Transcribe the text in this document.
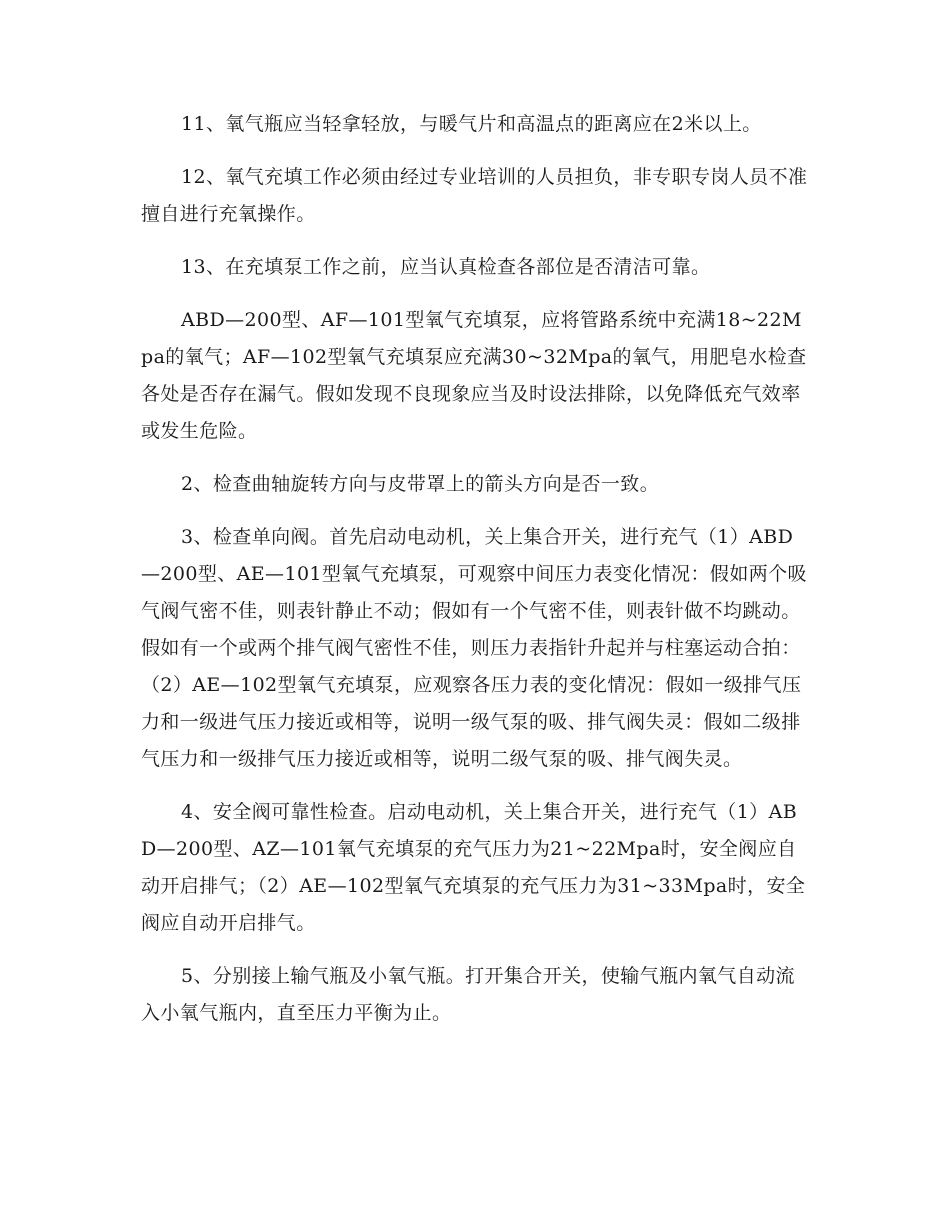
11、氧气瓶应当轻拿轻放，与暖气片和高温点的距离应在2米以上。

12、氧气充填工作必须由经过专业培训的人员担负，非专职专岗人员不准擅自进行充氧操作。

13、在充填泵工作之前，应当认真检查各部位是否清洁可靠。

ABD—200型、AF—101型氧气充填泵，应将管路系统中充满18~22Mpa的氧气；AF—102型氧气充填泵应充满30~32Mpa的氧气，用肥皂水检查各处是否存在漏气。假如发现不良现象应当及时设法排除，以免降低充气效率或发生危险。

2、检查曲轴旋转方向与皮带罩上的箭头方向是否一致。

3、检查单向阀。首先启动电动机，关上集合开关，进行充气（1）ABD—200型、AE—101型氧气充填泵，可观察中间压力表变化情况：假如两个吸气阀气密不佳，则表针静止不动；假如有一个气密不佳，则表针做不均跳动。假如有一个或两个排气阀气密性不佳，则压力表指针升起并与柱塞运动合拍：（2）AE—102型氧气充填泵，应观察各压力表的变化情况：假如一级排气压力和一级进气压力接近或相等，说明一级气泵的吸、排气阀失灵：假如二级排气压力和一级排气压力接近或相等，说明二级气泵的吸、排气阀失灵。

4、安全阀可靠性检查。启动电动机，关上集合开关，进行充气（1）ABD—200型、AZ—101氧气充填泵的充气压力为21~22Mpa时，安全阀应自动开启排气；（2）AE—102型氧气充填泵的充气压力为31~33Mpa时，安全阀应自动开启排气。

5、分别接上输气瓶及小氧气瓶。打开集合开关，使输气瓶内氧气自动流入小氧气瓶内，直至压力平衡为止。
